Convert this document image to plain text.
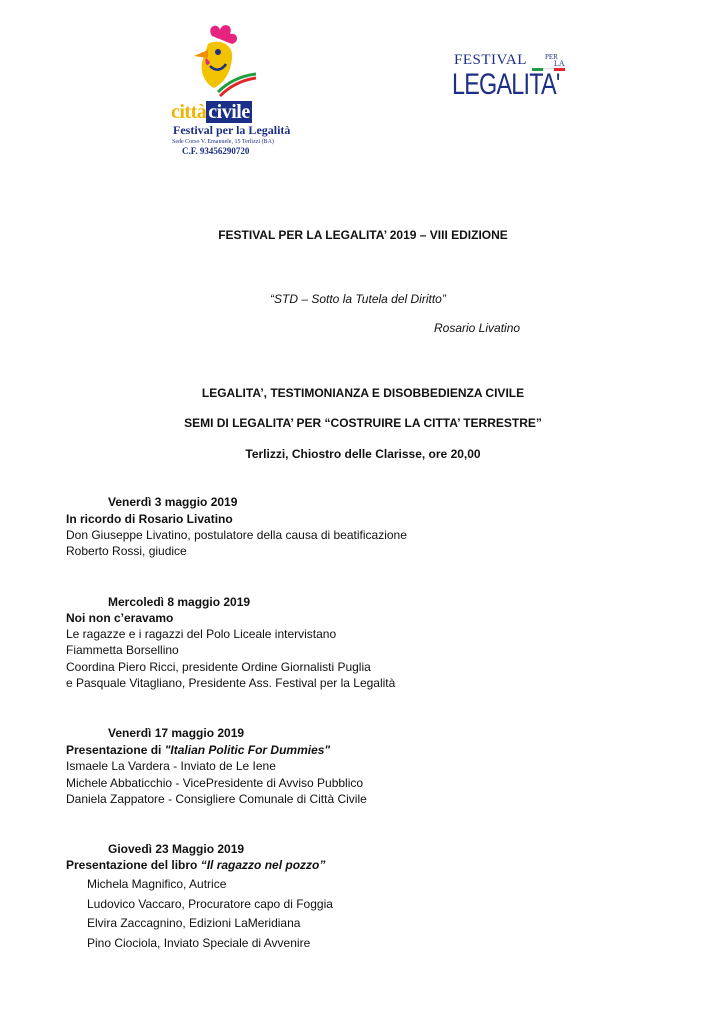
città civile
Festival per la Legalità
Sede Corso V. Emanuele, 15 Terlizzi (BA)
C.F. 93456290720
FESTIVAL	PER
LA
LEGALITA'
FESTIVAL PER LA LEGALITA’ 2019 – VIII EDIZIONE
“STD – Sotto la Tutela del Diritto”
Rosario Livatino
LEGALITA’, TESTIMONIANZA E DISOBBEDIENZA CIVILE
SEMI DI LEGALITA’ PER “COSTRUIRE LA CITTA’ TERRESTRE”
Terlizzi, Chiostro delle Clarisse, ore 20,00
Venerdì 3 maggio 2019
In ricordo di Rosario Livatino
Don Giuseppe Livatino, postulatore della causa di beatificazione
Roberto Rossi, giudice
Mercoledì 8 maggio 2019
Noi non c’eravamo
Le ragazze e i ragazzi del Polo Liceale intervistano
Fiammetta Borsellino
Coordina Piero Ricci, presidente Ordine Giornalisti Puglia
e Pasquale Vitagliano, Presidente Ass. Festival per la Legalità
Venerdì 17 maggio 2019
Presentazione di "Italian Politic For Dummies"
Ismaele La Vardera - Inviato de Le Iene
Michele Abbaticchio - VicePresidente di Avviso Pubblico
Daniela Zappatore - Consigliere Comunale di Città Civile
Giovedì 23 Maggio 2019
Presentazione del libro “Il ragazzo nel pozzo”
Michela Magnifico, Autrice
Ludovico Vaccaro, Procuratore capo di Foggia
Elvira Zaccagnino, Edizioni LaMeridiana
Pino Ciociola, Inviato Speciale di Avvenire
